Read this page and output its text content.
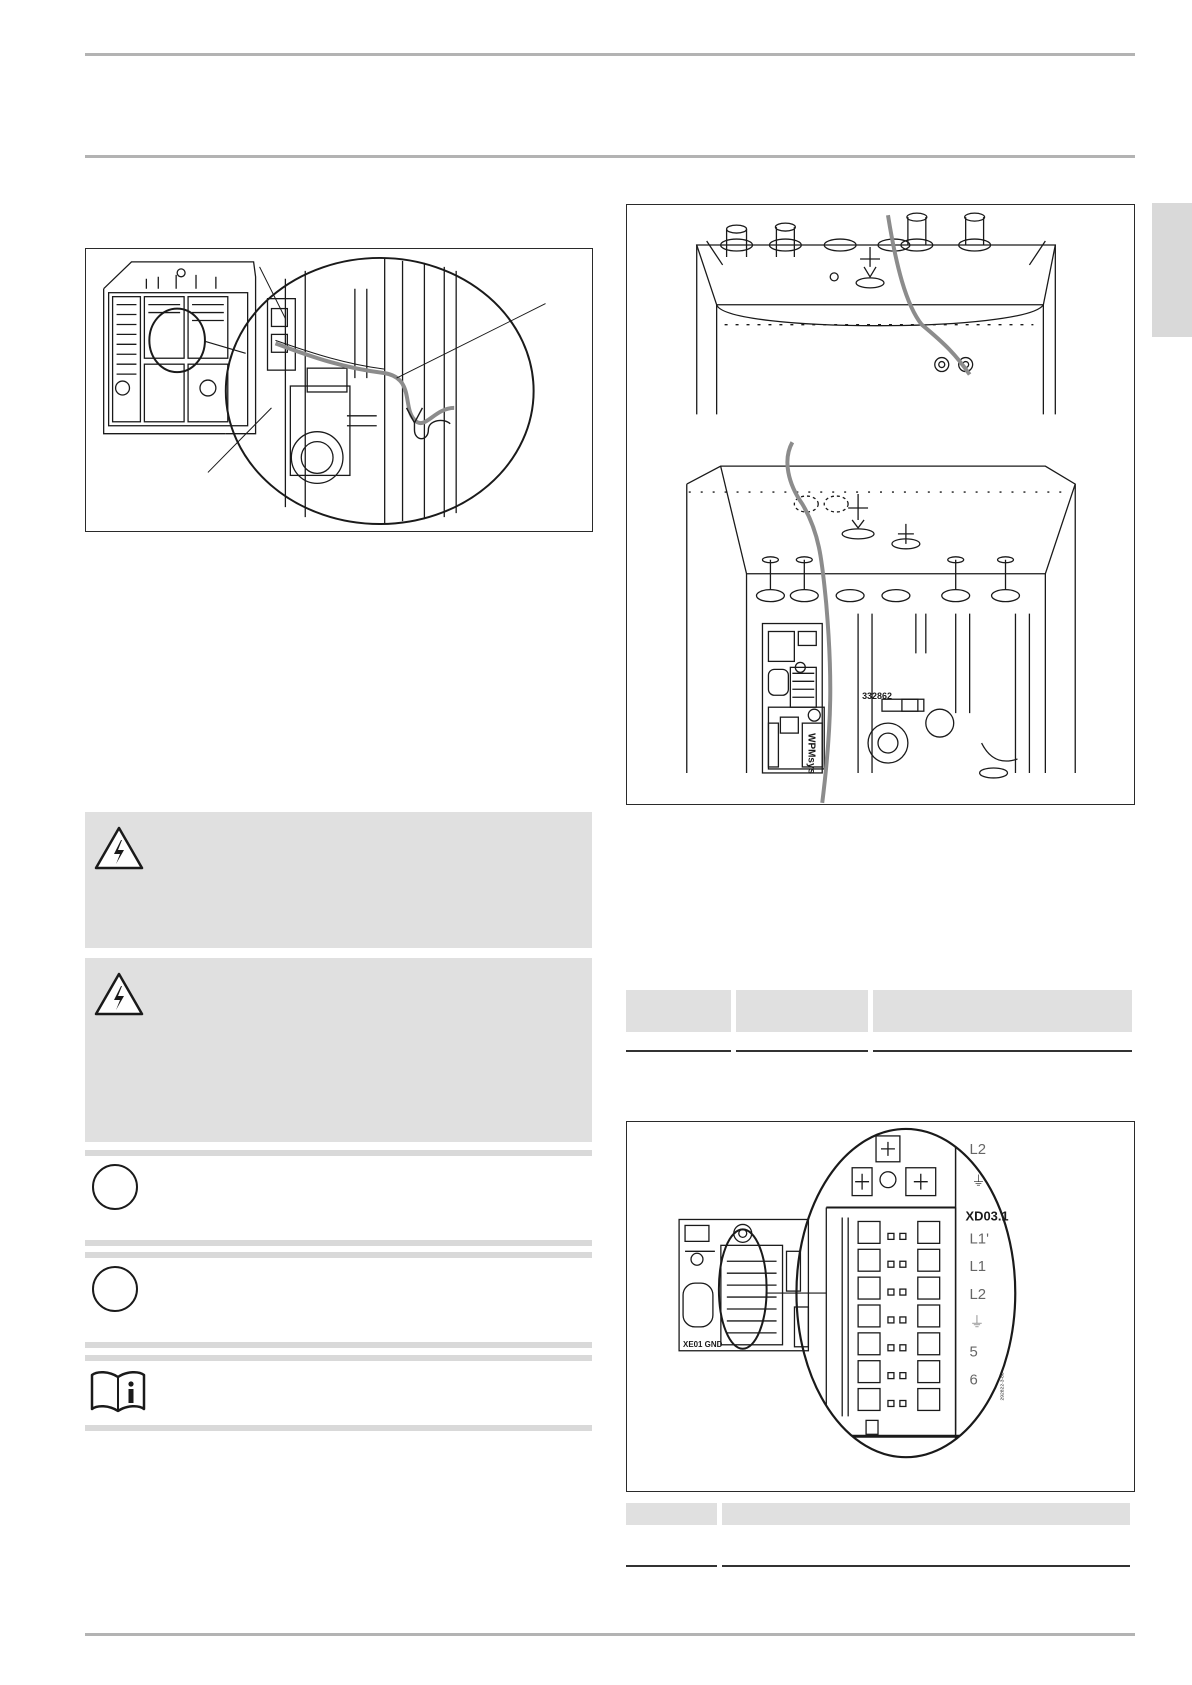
332862
WPMsys
XD03.1
L2
L1'
L1
L2
⏚
5
6
⏚
XE01 GND
292822-3-86
